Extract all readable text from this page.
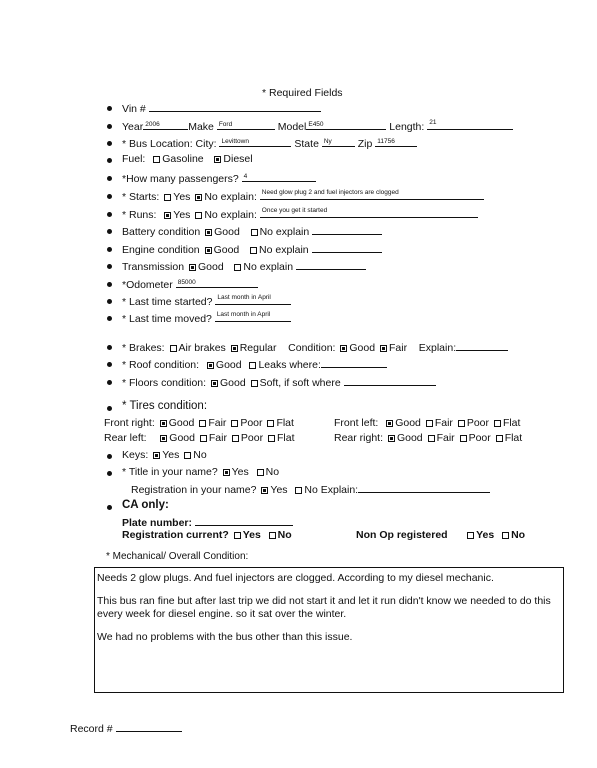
* Required Fields
Vin #
Year 2006	Make Ford	Model E450	Length: 21
* Bus Location: City: Levittown	State Ny Zip 11756
Fuel: Gasoline Diesel
*How many passengers? 4
* Starts: Yes No explain: Need glow plug 2 and fuel injectors are clogged
* Runs: Yes No explain: Once you get it started
Battery condition Good No explain
Engine condition Good No explain
Transmission Good No explain
*Odometer 85000
* Last time started? Last month in April
* Last time moved? Last month in April
* Brakes: Air brakes Regular Condition: Good Fair Explain:
* Roof condition: Good Leaks where:
* Floors condition: Good Soft, if soft where
* Tires condition:
Front right: Good Fair Poor Flat	Front left: Good Fair Poor Flat
Rear left: Good Fair Poor Flat	Rear right: Good Fair Poor Flat
Keys: Yes No
* Title in your name? Yes No
Registration in your name? Yes No Explain:
CA only:
Plate number:
Registration current? Yes No	Non Op registered	Yes No
* Mechanical/ Overall Condition:

Needs 2 glow plugs. And fuel injectors are clogged. According to my diesel mechanic.

This bus ran fine but after last trip we did not start it and let it run didn't know we needed to do this every week for diesel engine. so it sat over the winter.

We had no problems with the bus other than this issue.

Record #
